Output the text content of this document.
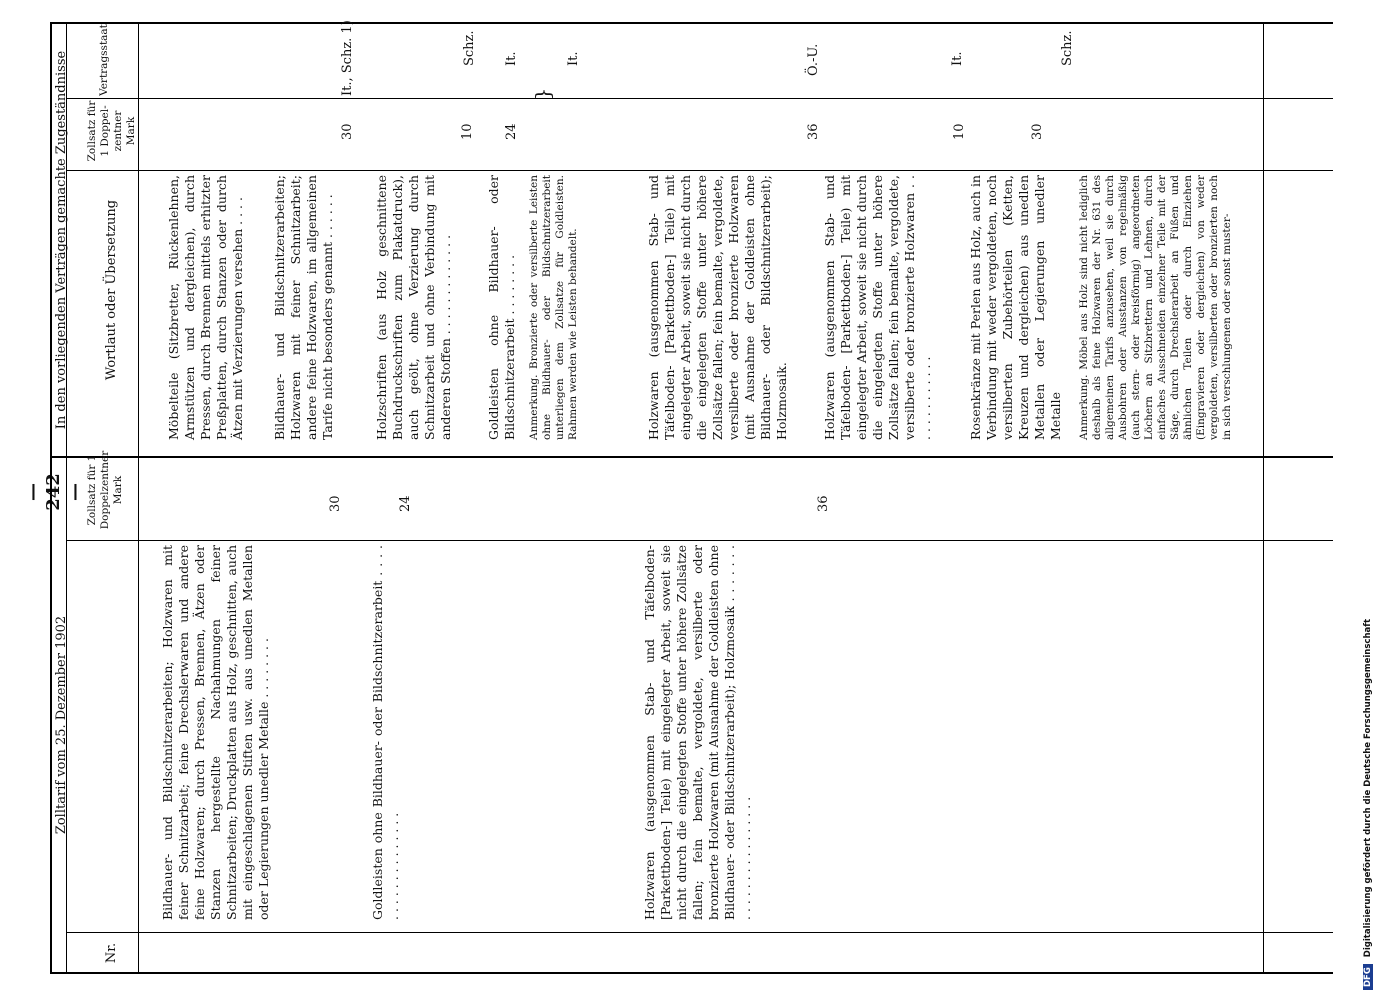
— 242 —
Zolltarif vom 25. Dezember 1902
In den vorliegenden Verträgen gemachte Zugeständnisse
Nr.
Zollsatz für 1 Doppelzentner Mark
Wortlaut oder Übersetzung
Zollsatz für 1 Doppel-zentner Mark
Vertragsstaat
Bildhauer- und Bildschnitzerarbeiten; Holzwaren mit feiner Schnitzarbeit; feine Drechslerwaren und andere feine Holzwaren; durch Pressen, Brennen, Ätzen oder Stanzen hergestellte Nachahmungen feiner Schnitzarbeiten; Druckplatten aus Holz, geschnitten, auch mit eingeschlagenen Stiften usw. aus unedlen Metallen oder Legierungen unedler Metalle . . . . . . . .
30
Goldleisten ohne Bildhauer- oder Bildschnitzerarbeit . . . . . . . . . . . . . . . . . .
24
Holzwaren (ausgenommen Stab- und Täfelboden- [Parkettboden-] Teile) mit eingelegter Arbeit, soweit sie nicht durch die eingelegten Stoffe unter höhere Zollsätze fallen; fein bemalte, vergoldete, versilberte oder bronzierte Holzwaren (mit Ausnahme der Goldleisten ohne Bildhauer- oder Bildschnitzerarbeit); Holzmosaik . . . . . . . . . . . . . . . . . . . . . . .
36
Möbelteile (Sitzbretter, Rückenlehnen, Armstützen und dergleichen), durch Pressen, durch Brennen mittels erhitzter Preßplatten, durch Stanzen oder durch Ätzen mit Verzierungen versehen . . . .
10
Bildhauer- und Bildschnitzerarbeiten; Holzwaren mit feiner Schnitzarbeit; andere feine Holzwaren, im allgemeinen Tarife nicht besonders genannt . . . . . .
30
It., Schz. 1)
Holzschriften (aus Holz geschnittene Buchdruckschriften zum Plakatdruck), auch geölt, ohne Verzierung durch Schnitzarbeit und ohne Verbindung mit anderen Stoffen . . . . . . . . . . . . .
10
Schz.
Goldleisten ohne Bildhauer- oder Bildschnitzerarbeit . . . . . . . .
24
It.
Anmerkung. Bronzierte oder versilberte Leisten ohne Bildhauer- oder Bildschnitzerarbeit unterliegen dem Zollsatze für Goldleisten. Rahmen werden wie Leisten behandelt.
It.
}
Holzwaren (ausgenommen Stab- und Täfelboden- [Parkettboden-] Teile) mit eingelegter Arbeit, soweit sie nicht durch die eingelegten Stoffe unter höhere Zollsätze fallen; fein bemalte, vergoldete, versilberte oder bronzierte Holzwaren (mit Ausnahme der Goldleisten ohne Bildhauer- oder Bildschnitzerarbeit); Holzmosaik.
36
Ö.-U.
Holzwaren (ausgenommen Stab- und Täfelboden- [Parkettboden-] Teile) mit eingelegter Arbeit, soweit sie nicht durch die eingelegten Stoffe unter höhere Zollsätze fallen; fein bemalte, vergoldete, versilberte oder bronzierte Holzwaren . . . . . . . . . . . . .
It.
Rosenkränze mit Perlen aus Holz, auch in Verbindung mit weder vergoldeten, noch versilberten Zubehörteilen (Ketten, Kreuzen und dergleichen) aus unedlen Metallen oder Legierungen unedler Metalle
30
Schz.
Anmerkung. Möbel aus Holz sind nicht lediglich deshalb als feine Holzwaren der Nr. 631 des allgemeinen Tarifs anzusehen, weil sie durch Ausbohren oder Ausstanzen von regelmäßig (auch stern- oder kreisförmig) angeordneten Löchern an Sitzbrettern und Lehnen, durch einfaches Ausschneiden einzelner Teile mit der Säge, durch Drechslerarbeit an Füßen und ähnlichen Teilen oder durch Einziehen (Eingravieren oder dergleichen) von weder vergoldeten, versilberten oder bronzierten noch in sich verschlungenen oder sonst muster-
DFG Digitalisierung gefördert durch die Deutsche Forschungsgemeinschaft
